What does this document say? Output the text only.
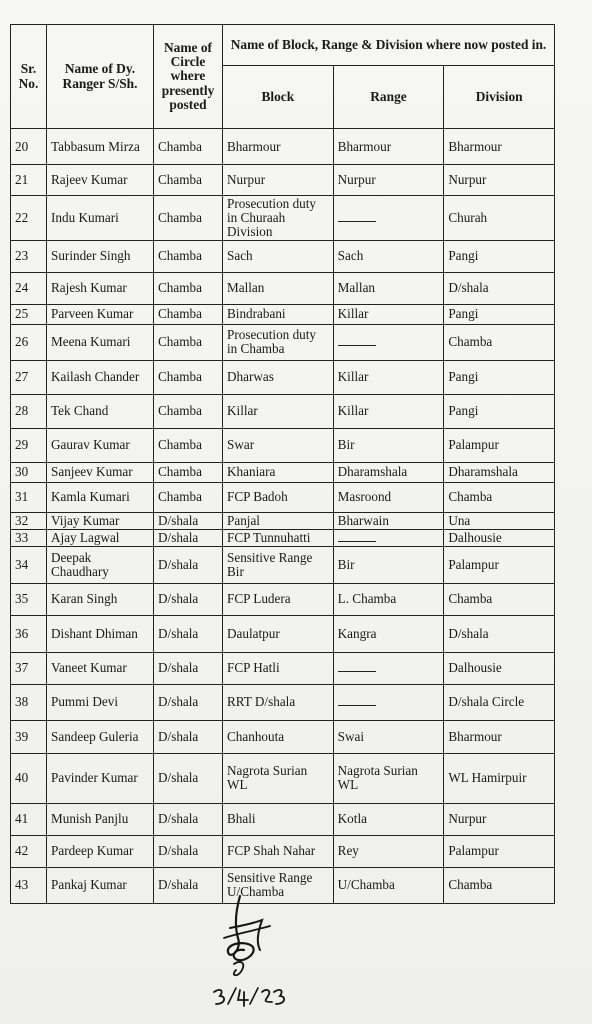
Sr. No.	Name of Dy. Ranger S/Sh.	Name of Circle where presently posted	Name of Block, Range & Division where now posted in.		
			Block	Range	Division
20	Tabbasum Mirza	Chamba	Bharmour	Bharmour	Bharmour
21	Rajeev Kumar	Chamba	Nurpur	Nurpur	Nurpur
22	Indu Kumari	Chamba	Prosecution duty in Churaah Division		Churah
23	Surinder Singh	Chamba	Sach	Sach	Pangi
24	Rajesh Kumar	Chamba	Mallan	Mallan	D/shala
25	Parveen Kumar	Chamba	Bindrabani	Killar	Pangi
26	Meena Kumari	Chamba	Prosecution duty in Chamba		Chamba
27	Kailash Chander	Chamba	Dharwas	Killar	Pangi
28	Tek Chand	Chamba	Killar	Killar	Pangi
29	Gaurav Kumar	Chamba	Swar	Bir	Palampur
30	Sanjeev Kumar	Chamba	Khaniara	Dharamshala	Dharamshala
31	Kamla Kumari	Chamba	FCP Badoh	Masroond	Chamba
32	Vijay Kumar	D/shala	Panjal	Bharwain	Una
33	Ajay Lagwal	D/shala	FCP Tunnuhatti		Dalhousie
34	Deepak Chaudhary	D/shala	Sensitive Range Bir	Bir	Palampur
35	Karan Singh	D/shala	FCP Ludera	L. Chamba	Chamba
36	Dishant Dhiman	D/shala	Daulatpur	Kangra	D/shala
37	Vaneet Kumar	D/shala	FCP Hatli		Dalhousie
38	Pummi Devi	D/shala	RRT D/shala		D/shala Circle
39	Sandeep Guleria	D/shala	Chanhouta	Swai	Bharmour
40	Pavinder Kumar	D/shala	Nagrota Surian WL	Nagrota Surian WL	WL Hamirpuir
41	Munish Panjlu	D/shala	Bhali	Kotla	Nurpur
42	Pardeep Kumar	D/shala	FCP Shah Nahar	Rey	Palampur
43	Pankaj Kumar	D/shala	Sensitive Range U/Chamba	U/Chamba	Chamba
